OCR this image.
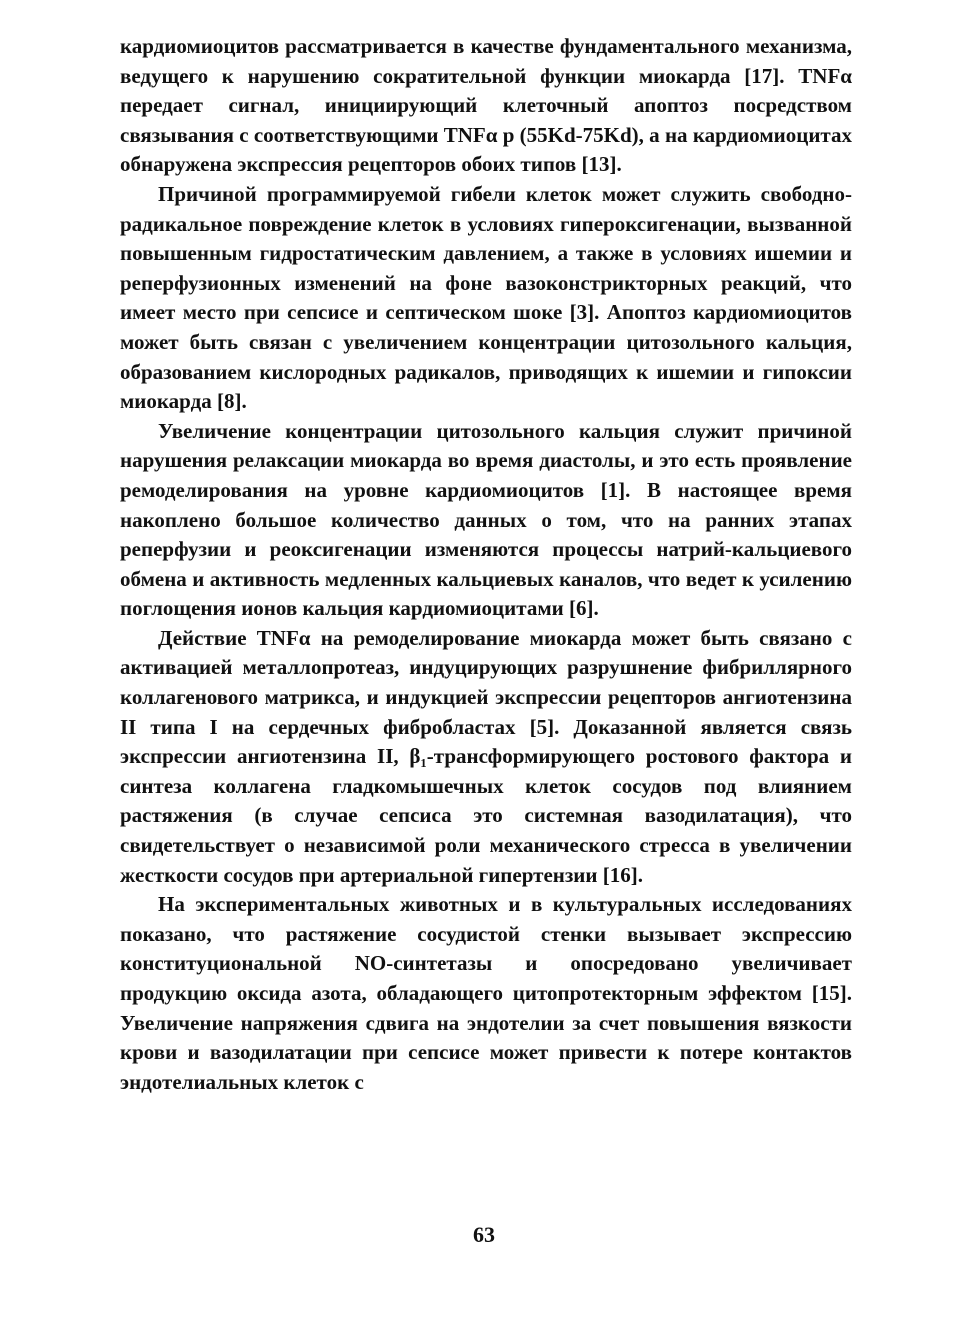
кардиомиоцитов рассматривается в качестве фундаментального механизма, ведущего к нарушению сократительной функции миокарда [17]. TNFα передает сигнал, инициирующий клеточный апоптоз посредством связывания с соответствующими TNFα р (55Kd-75Kd), а на кардиомиоцитах обнаружена экспрессия рецепторов обоих типов [13].

Причиной программируемой гибели клеток может служить свободно- радикальное повреждение клеток в условиях гипероксигенации, вызванной повышенным гидростатическим давлением, а также в условиях ишемии и реперфузионных изменений на фоне вазоконстрикторных реакций, что имеет место при сепсисе и септическом шоке [3]. Апоптоз кардиомиоцитов может быть связан с увеличением концентрации цитозольного кальция, образованием кислородных радикалов, приводящих к ишемии и гипоксии миокарда [8].

Увеличение концентрации цитозольного кальция служит причиной нарушения релаксации миокарда во время диастолы, и это есть проявление ремоделирования на уровне кардиомиоцитов [1]. В настоящее время накоплено большое количество данных о том, что на ранних этапах реперфузии и реоксигенации изменяются процессы натрий-кальциевого обмена и активность медленных кальциевых каналов, что ведет к усилению поглощения ионов кальция кардиомиоцитами [6].

Действие TNFα на ремоделирование миокарда может быть связано с активацией металлопротеаз, индуцирующих разрушнение фибриллярного коллагенового матрикса, и индукцией экспрессии рецепторов ангиотензина II типа I на сердечных фибробластах [5]. Доказанной является связь экспрессии ангиотензина II, β₁-трансформирующего ростового фактора и синтеза коллагена гладкомышечных клеток сосудов под влиянием растяжения (в случае сепсиса это системная вазодилатация), что свидетельствует о независимой роли механического стресса в увеличении жесткости сосудов при артериальной гипертензии [16].

На экспериментальных животных и в культуральных исследованиях показано, что растяжение сосудистой стенки вызывает экспрессию конституциональной NO-синтетазы и опосредовано увеличивает продукцию оксида азота, обладающего цитопротекторным эффектом [15]. Увеличение напряжения сдвига на эндотелии за счет повышения вязкости крови и вазодилатации при сепсисе может привести к потере контактов эндотелиальных клеток с

63
